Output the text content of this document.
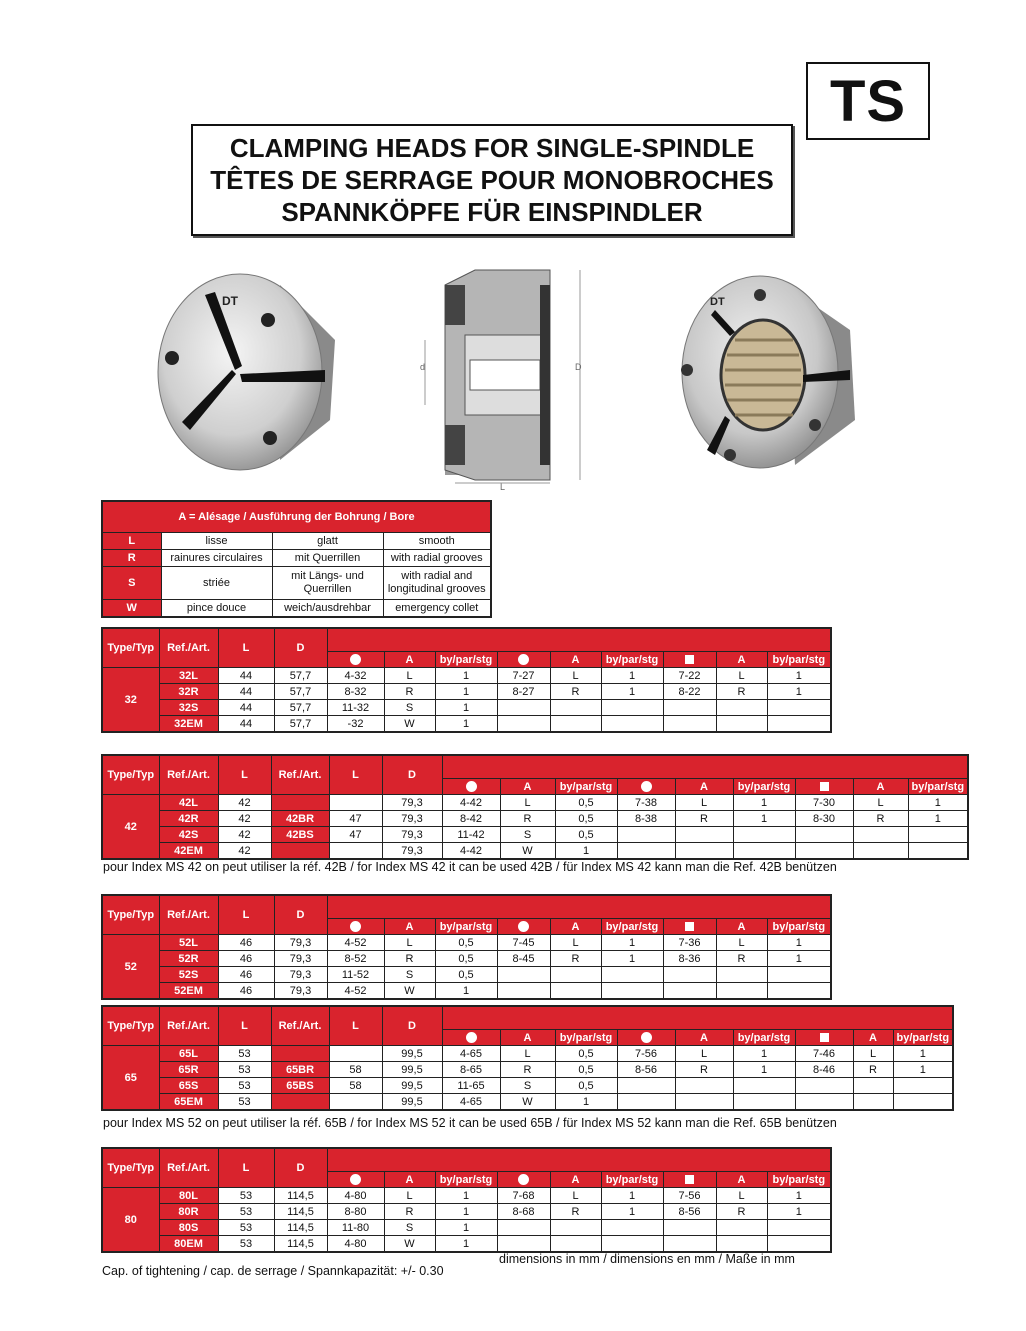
TS
CLAMPING HEADS FOR SINGLE-SPINDLE
TÊTES DE SERRAGE POUR MONOBROCHES
SPANNKÖPFE FÜR EINSPINDLER
DT
D
d
L
DT
A = Alésage / Ausführung der Bohrung / Bore			
L	lisse	glatt	smooth
R	rainures circulaires	mit Querrillen	with radial grooves
S	striée	mit Längs- und Querrillen	with radial and longitudinal grooves
W	pince douce	weich/ausdrehbar	emergency collet
Type/Typ	Ref./Art.	L	D									
					A	by/par/stg		A	by/par/stg		A	by/par/stg
32	32L	44	57,7	4-32	L	1	7-27	L	1	7-22	L	1
	32R	44	57,7	8-32	R	1	8-27	R	1	8-22	R	1
	32S	44	57,7	11-32	S	1						
	32EM	44	57,7	-32	W	1						
Type/Typ	Ref./Art.	L	Ref./Art.	L	D									
							A	by/par/stg		A	by/par/stg		A	by/par/stg
42	42L	42			79,3	4-42	L	0,5	7-38	L	1	7-30	L	1
	42R	42	42BR	47	79,3	8-42	R	0,5	8-38	R	1	8-30	R	1
	42S	42	42BS	47	79,3	11-42	S	0,5						
	42EM	42			79,3	4-42	W	1						
Type/Typ	Ref./Art.	L	D									
					A	by/par/stg		A	by/par/stg		A	by/par/stg
52	52L	46	79,3	4-52	L	0,5	7-45	L	1	7-36	L	1
	52R	46	79,3	8-52	R	0,5	8-45	R	1	8-36	R	1
	52S	46	79,3	11-52	S	0,5						
	52EM	46	79,3	4-52	W	1						
Type/Typ	Ref./Art.	L	Ref./Art.	L	D									
							A	by/par/stg		A	by/par/stg		A	by/par/stg
65	65L	53			99,5	4-65	L	0,5	7-56	L	1	7-46	L	1
	65R	53	65BR	58	99,5	8-65	R	0,5	8-56	R	1	8-46	R	1
	65S	53	65BS	58	99,5	11-65	S	0,5						
	65EM	53			99,5	4-65	W	1						
Type/Typ	Ref./Art.	L	D									
					A	by/par/stg		A	by/par/stg		A	by/par/stg
80	80L	53	114,5	4-80	L	1	7-68	L	1	7-56	L	1
	80R	53	114,5	8-80	R	1	8-68	R	1	8-56	R	1
	80S	53	114,5	11-80	S	1						
	80EM	53	114,5	4-80	W	1						
pour Index MS 42 on peut utiliser la réf. 42B / for Index MS 42 it can be used 42B / für Index MS 42 kann man die Ref. 42B benützen
pour Index MS 52 on peut utiliser la réf. 65B / for Index MS 52 it can be used 65B / für Index MS 52 kann man die Ref. 65B benützen
dimensions in mm / dimensions en mm / Maße in mm
Cap. of tightening / cap. de serrage / Spannkapazität: +/- 0.30
